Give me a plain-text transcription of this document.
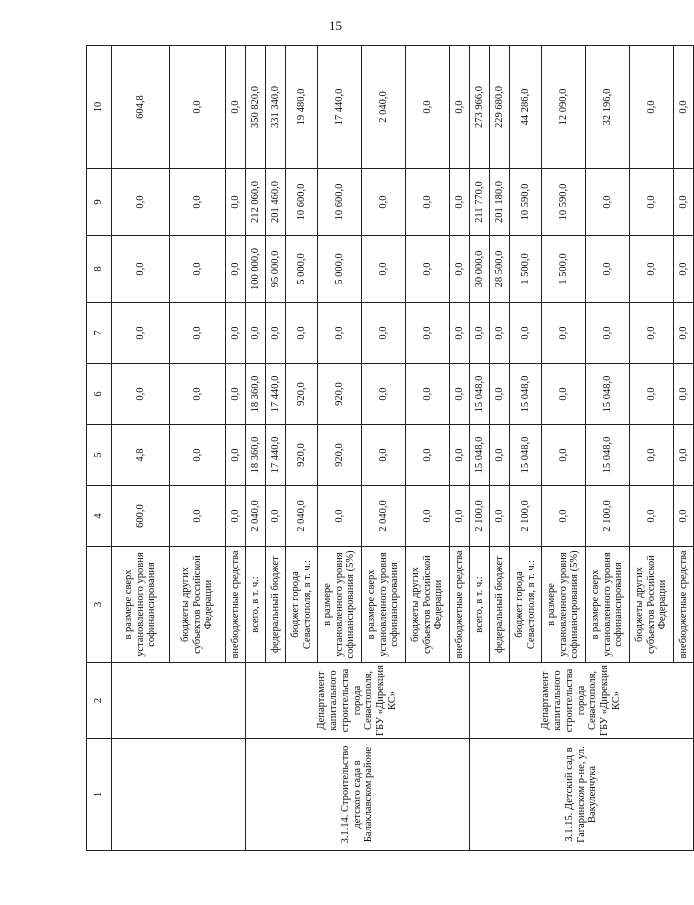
15
1	2	3	4	5	6	7	8	9	10
		в размере сверх установленного уровня софинансирования	600,0	4,8	0,0	0,0	0,0	0,0	604,8
		бюджеты других субъектов Российской Федерации	0,0	0,0	0,0	0,0	0,0	0,0	0,0
		внебюджетные средства	0,0	0,0	0,0	0,0	0,0	0,0	0,0
3.1.14. Строительство детского сада в Балаклавском районе	Департамент капитального строительства города Севастополя, ГБУ «Дирекция КС»	всего, в т. ч.:	2 040,0	18 360,0	18 360,0	0,0	100 000,0	212 060,0	350 820,0
		федеральный бюджет	0,0	17 440,0	17 440,0	0,0	95 000,0	201 460,0	331 340,0
		бюджет города Севастополя, в т. ч.:	2 040,0	920,0	920,0	0,0	5 000,0	10 600,0	19 480,0
		в размере установленного уровня софинансирования (5%)	0,0	920,0	920,0	0,0	5 000,0	10 600,0	17 440,0
		в размере сверх установленного уровня софинансирования	2 040,0	0,0	0,0	0,0	0,0	0,0	2 040,0
		бюджеты других субъектов Российской Федерации	0,0	0,0	0,0	0,0	0,0	0,0	0,0
		внебюджетные средства	0,0	0,0	0,0	0,0	0,0	0,0	0,0
3.1.15. Детский сад в Гагаринском р-не, ул. Вакуленчука	Департамент капитального строительства города Севастополя, ГБУ «Дирекция КС»	всего, в т. ч.:	2 100,0	15 048,0	15 048,0	0,0	30 000,0	211 770,0	273 966,0
		федеральный бюджет	0,0	0,0	0,0	0,0	28 500,0	201 180,0	229 680,0
		бюджет города Севастополя, в т. ч.:	2 100,0	15 048,0	15 048,0	0,0	1 500,0	10 590,0	44 286,0
		в размере установленного уровня софинансирования (5%)	0,0	0,0	0,0	0,0	1 500,0	10 590,0	12 090,0
		в размере сверх установленного уровня софинансирования	2 100,0	15 048,0	15 048,0	0,0	0,0	0,0	32 196,0
		бюджеты других субъектов Российской Федерации	0,0	0,0	0,0	0,0	0,0	0,0	0,0
		внебюджетные средства	0,0	0,0	0,0	0,0	0,0	0,0	0,0
